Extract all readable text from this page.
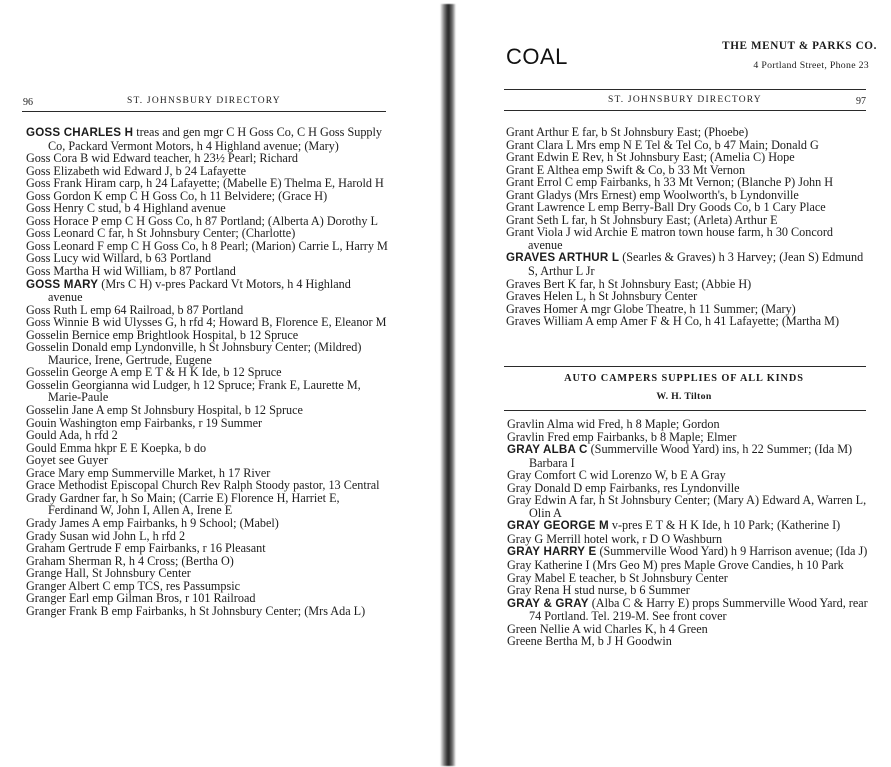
96	ST. JOHNSBURY DIRECTORY
GOSS CHARLES H treas and gen mgr C H Goss Co, C H Goss Supply Co, Packard Vermont Motors, h 4 Highland avenue; (Mary)
Goss Cora B wid Edward teacher, h 23½ Pearl; Richard
Goss Elizabeth wid Edward J, b 24 Lafayette
Goss Frank Hiram carp, h 24 Lafayette; (Mabelle E) Thelma E, Harold H
Goss Gordon K emp C H Goss Co, h 11 Belvidere; (Grace H)
Goss Henry C stud, b 4 Highland avenue
Goss Horace P emp C H Goss Co, h 87 Portland; (Alberta A) Dorothy L
Goss Leonard C far, h St Johnsbury Center; (Charlotte)
Goss Leonard F emp C H Goss Co, h 8 Pearl; (Marion) Carrie L, Harry M
Goss Lucy wid Willard, b 63 Portland
Goss Martha H wid William, b 87 Portland
GOSS MARY (Mrs C H) v-pres Packard Vt Motors, h 4 Highland avenue
Goss Ruth L emp 64 Railroad, b 87 Portland
Goss Winnie B wid Ulysses G, h rfd 4; Howard B, Florence E, Eleanor M
Gosselin Bernice emp Brightlook Hospital, b 12 Spruce
Gosselin Donald emp Lyndonville, h St Johnsbury Center; (Mildred) Maurice, Irene, Gertrude, Eugene
Gosselin George A emp E T & H K Ide, b 12 Spruce
Gosselin Georgianna wid Ludger, h 12 Spruce; Frank E, Laurette M, Marie-Paule
Gosselin Jane A emp St Johnsbury Hospital, b 12 Spruce
Gouin Washington emp Fairbanks, r 19 Summer
Gould Ada, h rfd 2
Gould Emma hkpr E E Koepka, b do
Goyet see Guyer
Grace Mary emp Summerville Market, h 17 River
Grace Methodist Episcopal Church Rev Ralph Stoody pastor, 13 Central
Grady Gardner far, h So Main; (Carrie E) Florence H, Harriet E, Ferdinand W, John I, Allen A, Irene E
Grady James A emp Fairbanks, h 9 School; (Mabel)
Grady Susan wid John L, h rfd 2
Graham Gertrude F emp Fairbanks, r 16 Pleasant
Graham Sherman R, h 4 Cross; (Bertha O)
Grange Hall, St Johnsbury Center
Granger Albert C emp TCS, res Passumpsic
Granger Earl emp Gilman Bros, r 101 Railroad
Granger Frank B emp Fairbanks, h St Johnsbury Center; (Mrs Ada L)
COAL	THE MENUT & PARKS CO.
4 Portland Street, Phone 23
ST. JOHNSBURY DIRECTORY	97
Grant Arthur E far, b St Johnsbury East; (Phoebe)
Grant Clara L Mrs emp N E Tel & Tel Co, b 47 Main; Donald G
Grant Edwin E Rev, h St Johnsbury East; (Amelia C) Hope
Grant E Althea emp Swift & Co, b 33 Mt Vernon
Grant Errol C emp Fairbanks, h 33 Mt Vernon; (Blanche P) John H
Grant Gladys (Mrs Ernest) emp Woolworth's, b Lyndonville
Grant Lawrence L emp Berry-Ball Dry Goods Co, b 1 Cary Place
Grant Seth L far, h St Johnsbury East; (Arleta) Arthur E
Grant Viola J wid Archie E matron town house farm, h 30 Concord avenue
GRAVES ARTHUR L (Searles & Graves) h 3 Harvey; (Jean S) Edmund S, Arthur L Jr
Graves Bert K far, h St Johnsbury East; (Abbie H)
Graves Helen L, h St Johnsbury Center
Graves Homer A mgr Globe Theatre, h 11 Summer; (Mary)
Graves William A emp Amer F & H Co, h 41 Lafayette; (Martha M)
AUTO CAMPERS SUPPLIES OF ALL KINDS
W. H. Tilton
Gravlin Alma wid Fred, h 8 Maple; Gordon
Gravlin Fred emp Fairbanks, b 8 Maple; Elmer
GRAY ALBA C (Summerville Wood Yard) ins, h 22 Summer; (Ida M) Barbara I
Gray Comfort C wid Lorenzo W, b E A Gray
Gray Donald D emp Fairbanks, res Lyndonville
Gray Edwin A far, h St Johnsbury Center; (Mary A) Edward A, Warren L, Olin A
GRAY GEORGE M v-pres E T & H K Ide, h 10 Park; (Katherine I)
Gray G Merrill hotel work, r D O Washburn
GRAY HARRY E (Summerville Wood Yard) h 9 Harrison avenue; (Ida J)
Gray Katherine I (Mrs Geo M) pres Maple Grove Candies, h 10 Park
Gray Mabel E teacher, b St Johnsbury Center
Gray Rena H stud nurse, b 6 Summer
GRAY & GRAY (Alba C & Harry E) props Summerville Wood Yard, rear 74 Portland. Tel. 219-M. See front cover
Green Nellie A wid Charles K, h 4 Green
Greene Bertha M, b J H Goodwin
